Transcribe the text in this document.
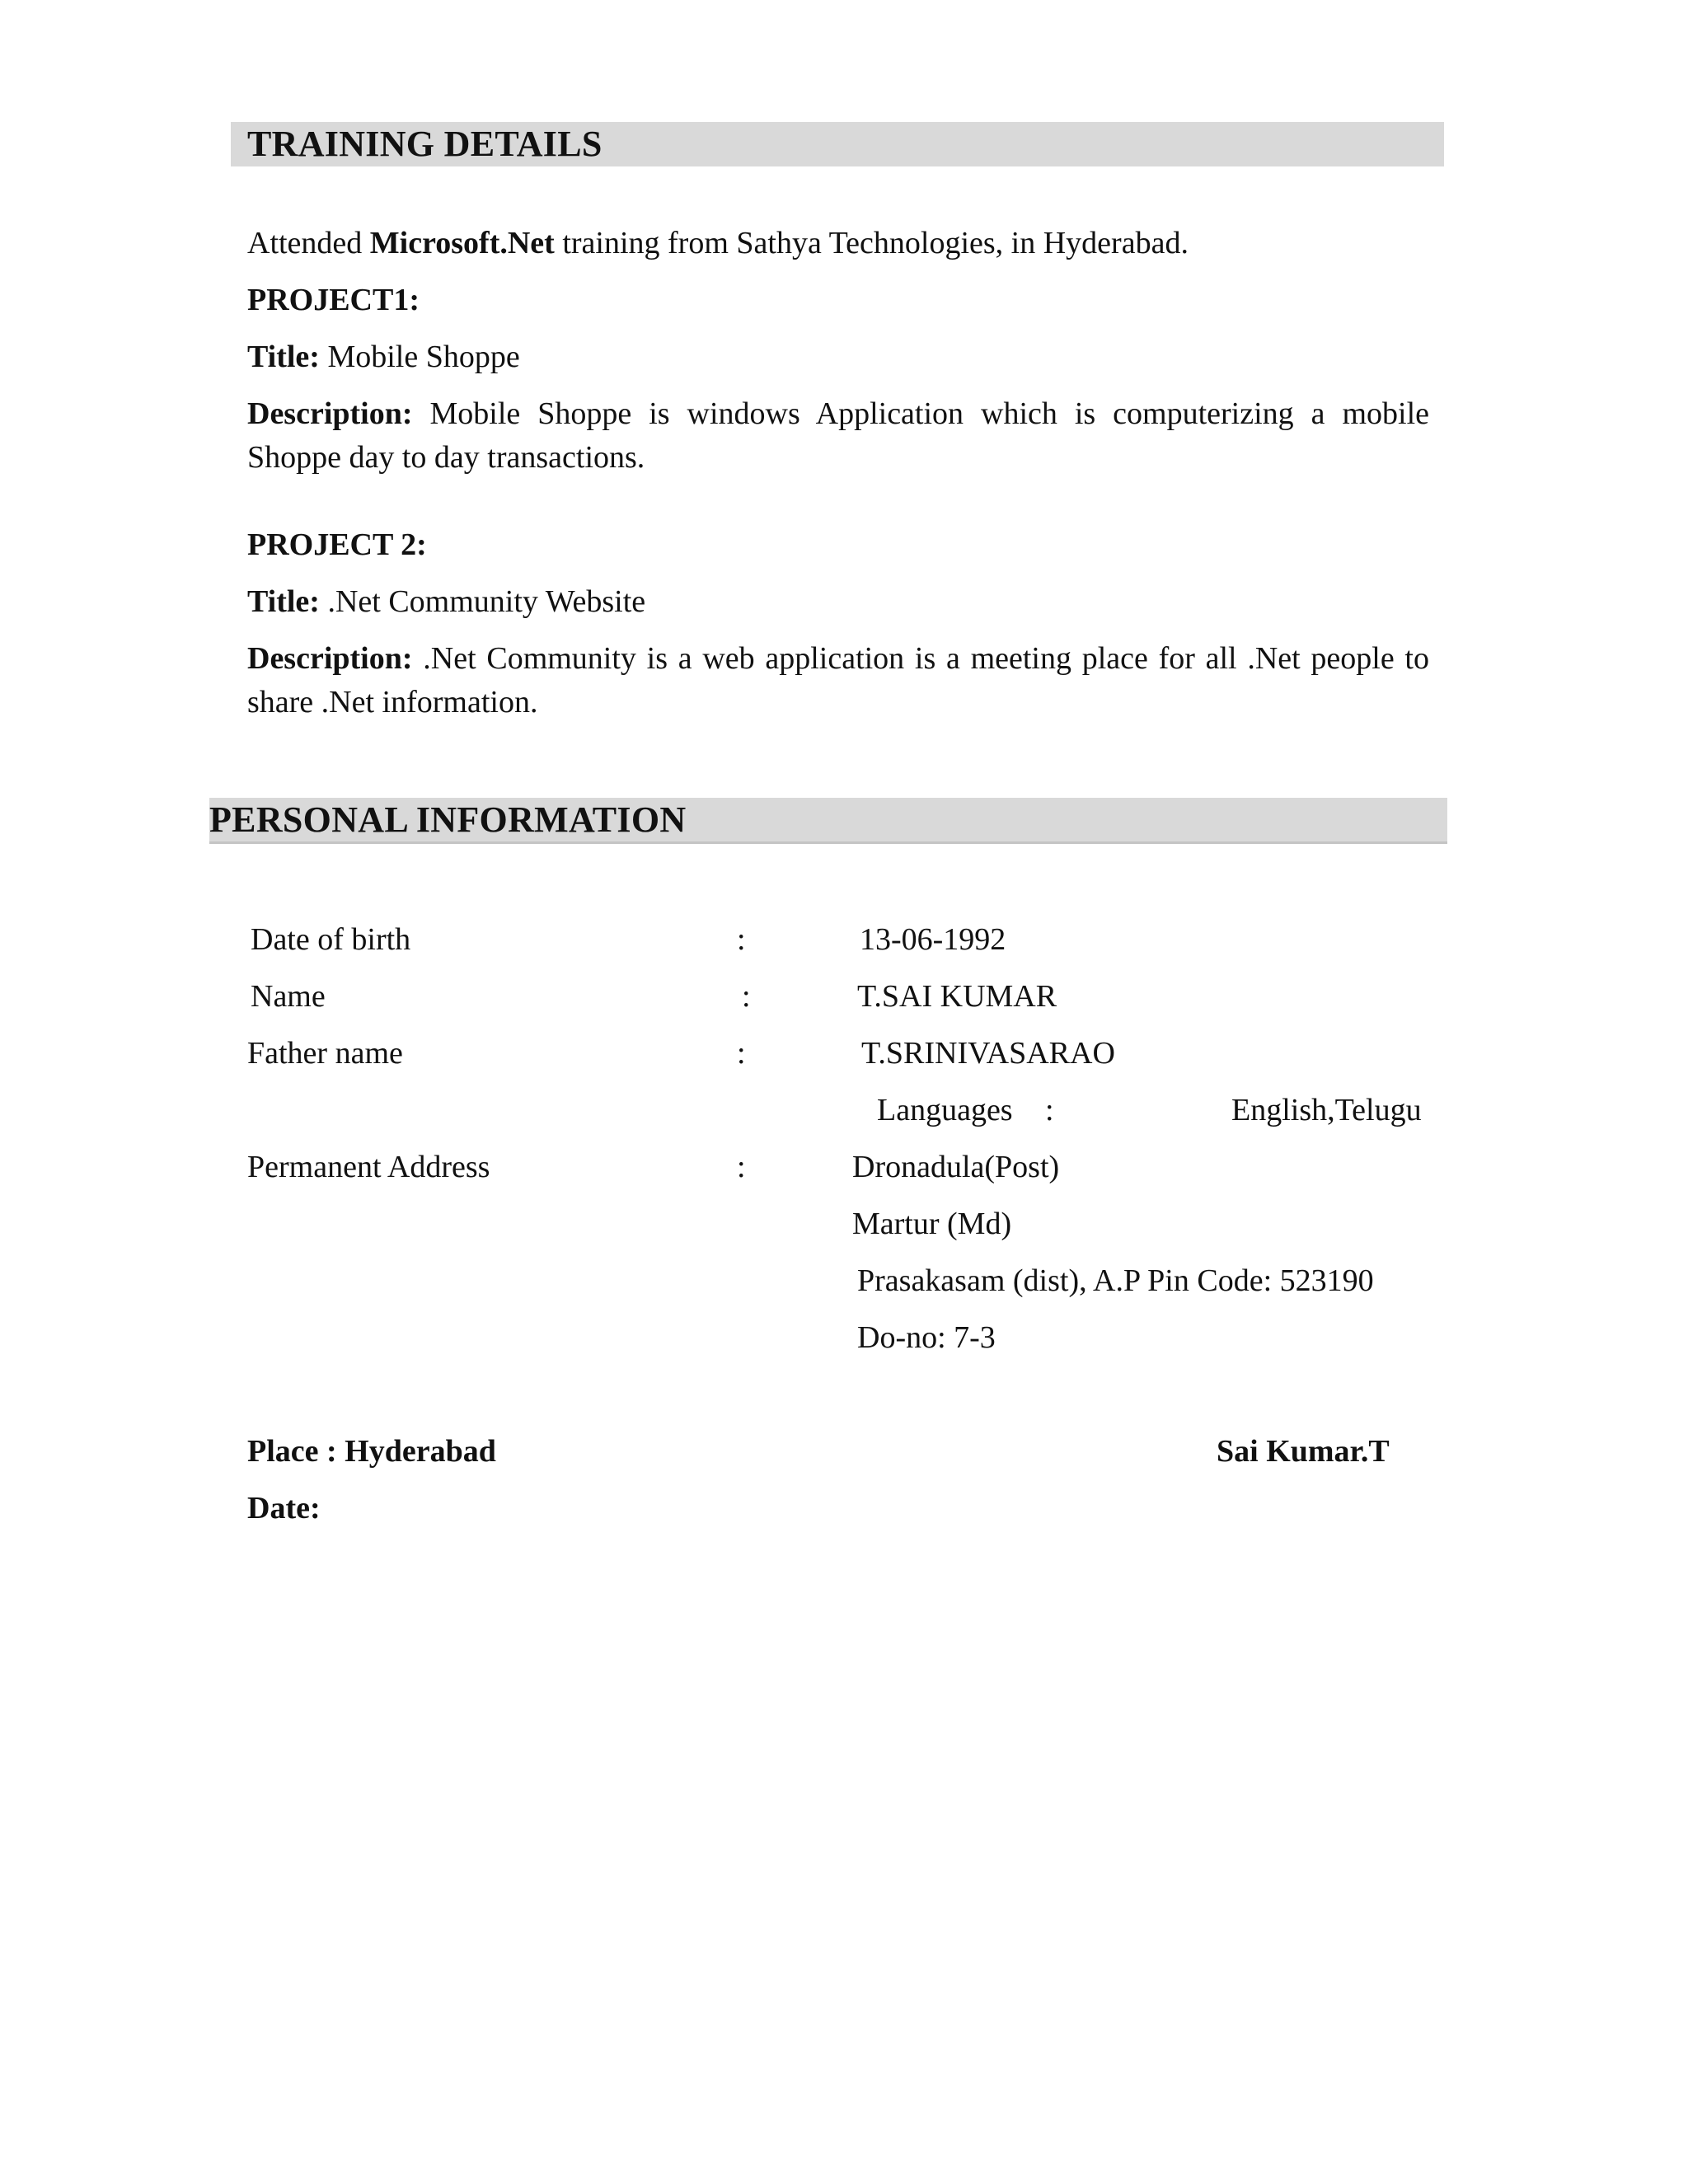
TRAINING DETAILS
Attended Microsoft.Net training from Sathya Technologies, in Hyderabad.
PROJECT1:
Title: Mobile Shoppe
Description: Mobile Shoppe is windows Application which is computerizing a mobile Shoppe day to day transactions.
PROJECT 2:
Title: .Net Community Website
Description: .Net Community is a web application is a meeting place for all .Net people to share .Net information.
PERSONAL INFORMATION
Date of birth	:	13-06-1992
Name	:	T.SAI KUMAR
Father name	:	T.SRINIVASARAO
Languages :	English,Telugu
Permanent Address	:	Dronadula(Post)
Martur (Md)
Prasakasam (dist), A.P Pin Code: 523190
Do-no: 7-3
Place : Hyderabad	Sai Kumar.T
Date:
